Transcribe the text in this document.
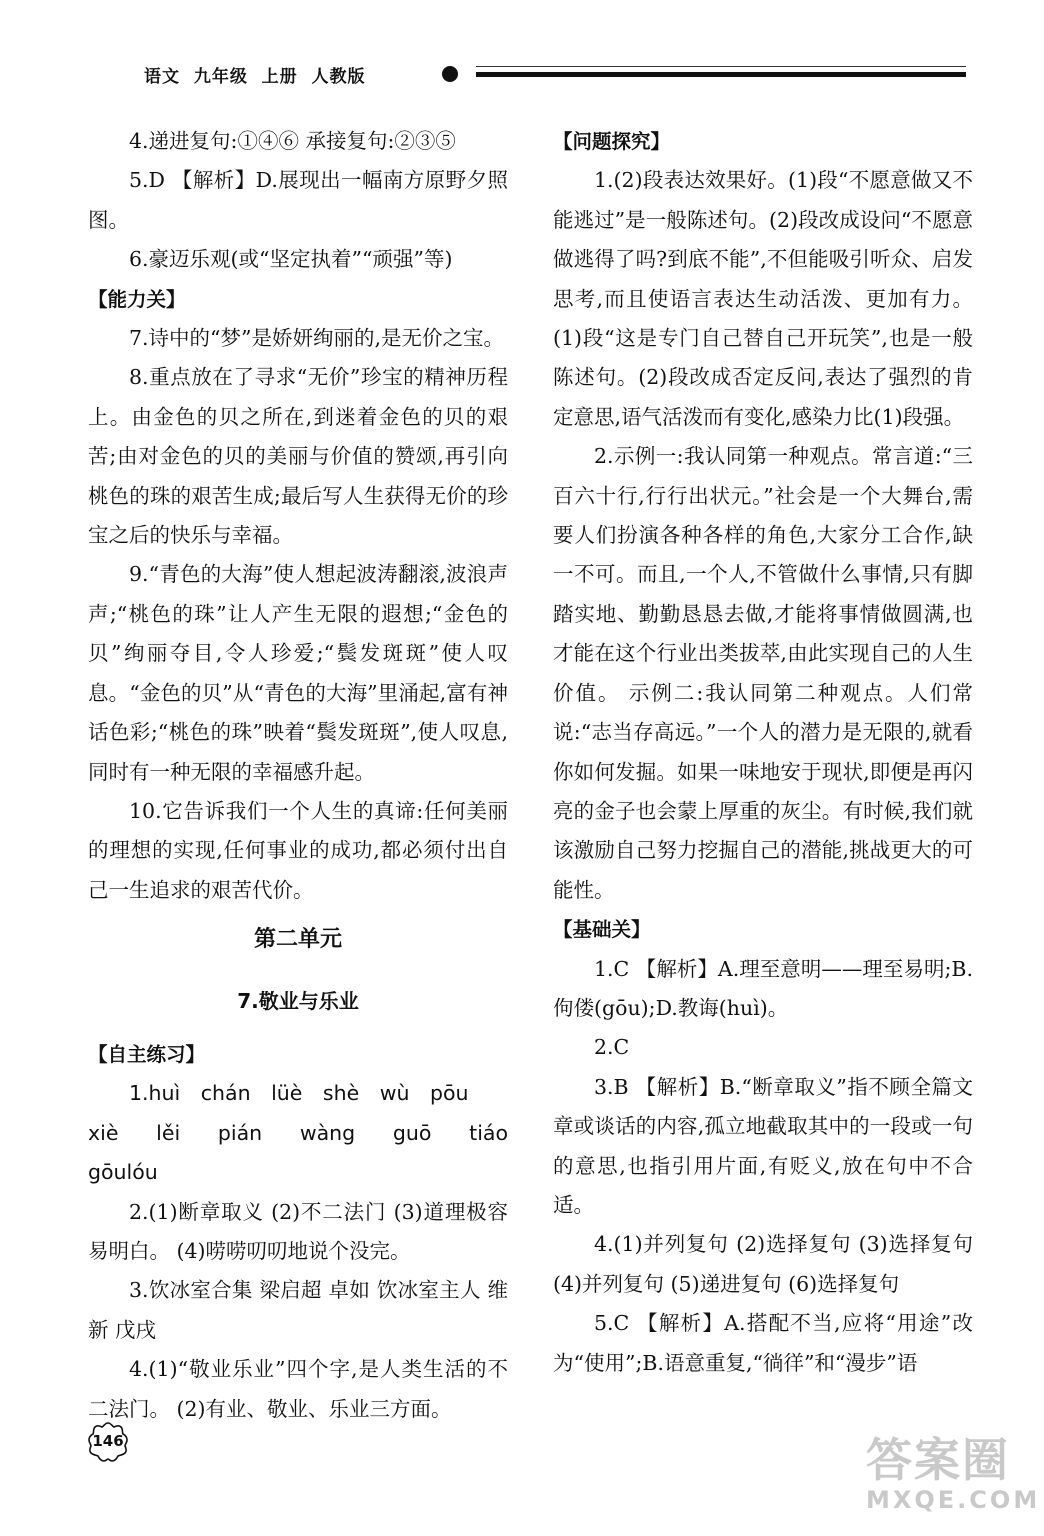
语文  九年级  上册  人教版

4.递进复句:①④⑥ 承接复句:②③⑤

5.D 【解析】D.展现出一幅南方原野夕照图。

6.豪迈乐观(或“坚定执着”“顽强”等)

【能力关】

7.诗中的“梦”是娇妍绚丽的,是无价之宝。

8.重点放在了寻求“无价”珍宝的精神历程上。由金色的贝之所在,到迷着金色的贝的艰苦;由对金色的贝的美丽与价值的赞颂,再引向桃色的珠的艰苦生成;最后写人生获得无价的珍宝之后的快乐与幸福。

9.“青色的大海”使人想起波涛翻滚,波浪声声;“桃色的珠”让人产生无限的遐想;“金色的贝”绚丽夺目,令人珍爱;“鬓发斑斑”使人叹息。“金色的贝”从“青色的大海”里涌起,富有神话色彩;“桃色的珠”映着“鬓发斑斑”,使人叹息,同时有一种无限的幸福感升起。

10.它告诉我们一个人生的真谛:任何美丽的理想的实现,任何事业的成功,都必须付出自己一生追求的艰苦代价。

第二单元
7.敬业与乐业

【自主练习】

1.huì chán lüè shè wù pōu

xiè lěi pián wàng guō tiáo gōulóu

2.(1)断章取义 (2)不二法门 (3)道理极容易明白。 (4)唠唠叨叨地说个没完。

3.饮冰室合集 梁启超 卓如 饮冰室主人 维新 戊戌

4.(1)“敬业乐业”四个字,是人类生活的不二法门。 (2)有业、敬业、乐业三方面。

【问题探究】

1.(2)段表达效果好。(1)段“不愿意做又不能逃过”是一般陈述句。(2)段改成设问“不愿意做逃得了吗?到底不能”,不但能吸引听众、启发思考,而且使语言表达生动活泼、更加有力。(1)段“这是专门自己替自己开玩笑”,也是一般陈述句。(2)段改成否定反问,表达了强烈的肯定意思,语气活泼而有变化,感染力比(1)段强。

2.示例一:我认同第一种观点。常言道:“三百六十行,行行出状元。”社会是一个大舞台,需要人们扮演各种各样的角色,大家分工合作,缺一不可。而且,一个人,不管做什么事情,只有脚踏实地、勤勤恳恳去做,才能将事情做圆满,也才能在这个行业出类拔萃,由此实现自己的人生价值。 示例二:我认同第二种观点。人们常说:“志当存高远。”一个人的潜力是无限的,就看你如何发掘。如果一味地安于现状,即便是再闪亮的金子也会蒙上厚重的灰尘。有时候,我们就该激励自己努力挖掘自己的潜能,挑战更大的可能性。

【基础关】

1.C 【解析】A.理至意明——理至易明;B.佝偻(gōu);D.教诲(huì)。

2.C

3.B 【解析】B.“断章取义”指不顾全篇文章或谈话的内容,孤立地截取其中的一段或一句的意思,也指引用片面,有贬义,放在句中不合适。

4.(1)并列复句 (2)选择复句 (3)选择复句 (4)并列复句 (5)递进复句 (6)选择复句

5.C 【解析】A.搭配不当,应将“用途”改为“使用”;B.语意重复,“徜徉”和“漫步”语

146	答案圈
MXQE.COM
